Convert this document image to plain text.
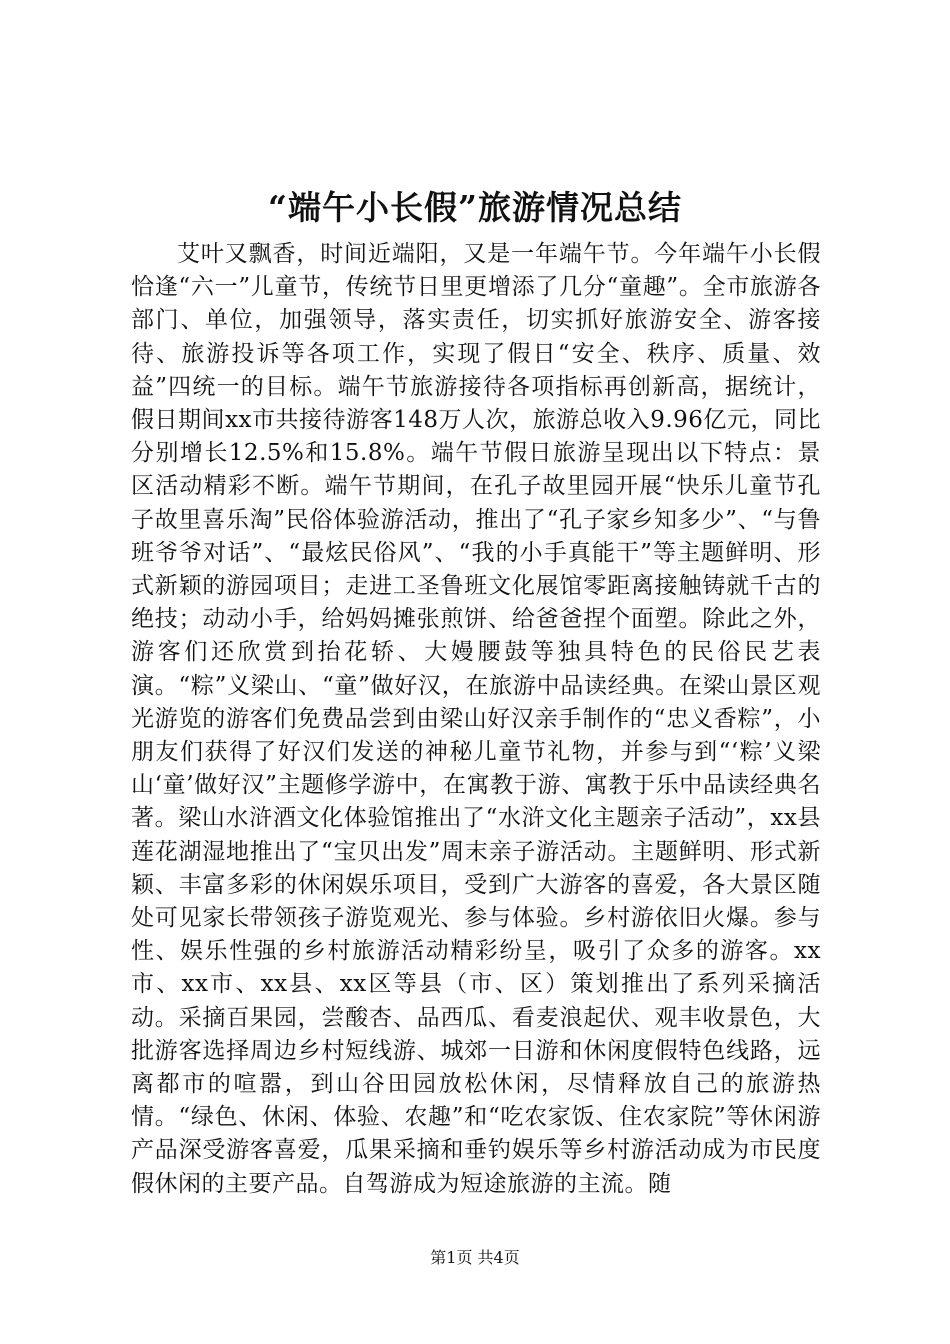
“端午小长假”旅游情况总结

艾叶又飘香，时间近端阳，又是一年端午节。今年端午小长假恰逢“六一”儿童节，传统节日里更增添了几分“童趣”。全市旅游各部门、单位，加强领导，落实责任，切实抓好旅游安全、游客接待、旅游投诉等各项工作，实现了假日“安全、秩序、质量、效益”四统一的目标。端午节旅游接待各项指标再创新高，据统计，假日期间xx市共接待游客148万人次，旅游总收入9.96亿元，同比分别增长12.5%和15.8%。端午节假日旅游呈现出以下特点：景区活动精彩不断。端午节期间，在孔子故里园开展“快乐儿童节孔子故里喜乐淘”民俗体验游活动，推出了“孔子家乡知多少”、“与鲁班爷爷对话”、“最炫民俗风”、“我的小手真能干”等主题鲜明、形式新颖的游园项目；走进工圣鲁班文化展馆零距离接触铸就千古的绝技；动动小手，给妈妈摊张煎饼、给爸爸捏个面塑。除此之外，游客们还欣赏到抬花轿、大嫚腰鼓等独具特色的民俗民艺表演。“粽”义梁山、“童”做好汉，在旅游中品读经典。在梁山景区观光游览的游客们免费品尝到由梁山好汉亲手制作的“忠义香粽”，小朋友们获得了好汉们发送的神秘儿童节礼物，并参与到“‘粽’义梁山‘童’做好汉”主题修学游中，在寓教于游、寓教于乐中品读经典名著。梁山水浒酒文化体验馆推出了“水浒文化主题亲子活动”，xx县莲花湖湿地推出了“宝贝出发”周末亲子游活动。主题鲜明、形式新颖、丰富多彩的休闲娱乐项目，受到广大游客的喜爱，各大景区随处可见家长带领孩子游览观光、参与体验。乡村游依旧火爆。参与性、娱乐性强的乡村旅游活动精彩纷呈，吸引了众多的游客。xx市、xx市、xx县、xx区等县（市、区）策划推出了系列采摘活动。采摘百果园，尝酸杏、品西瓜、看麦浪起伏、观丰收景色，大批游客选择周边乡村短线游、城郊一日游和休闲度假特色线路，远离都市的喧嚣，到山谷田园放松休闲，尽情释放自己的旅游热情。“绿色、休闲、体验、农趣”和“吃农家饭、住农家院”等休闲游产品深受游客喜爱，瓜果采摘和垂钓娱乐等乡村游活动成为市民度假休闲的主要产品。自驾游成为短途旅游的主流。随

第1页 共4页
